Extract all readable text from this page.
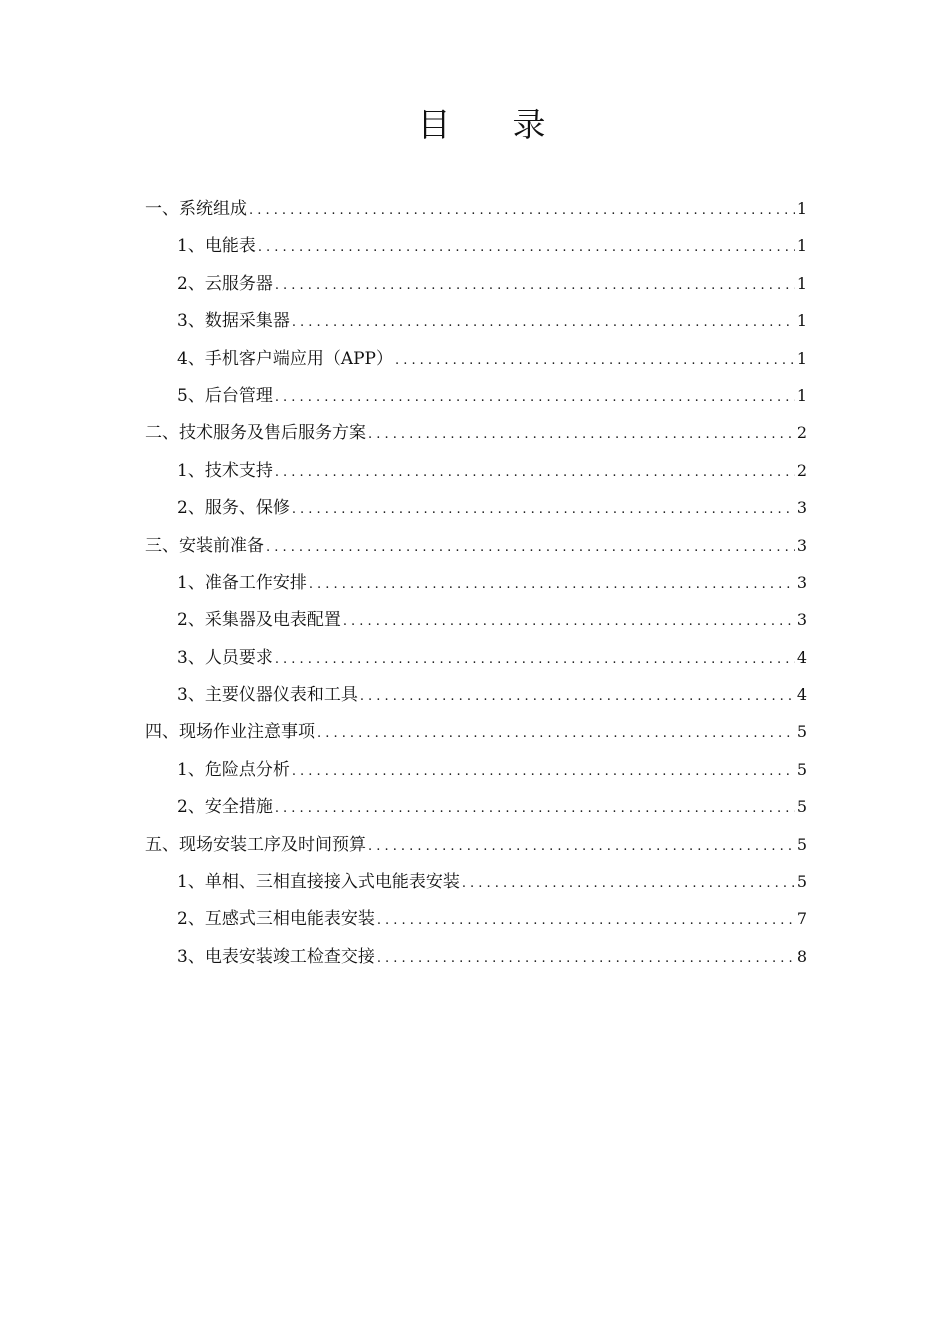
目录
一、系统组成 .....	1
1、电能表 .....	1
2、云服务器 .....	1
3、数据采集器 .....	1
4、手机客户端应用（APP） .....	1
5、后台管理 .....	1
二、技术服务及售后服务方案 .....	2
1、技术支持 .....	2
2、服务、保修 .....	3
三、安装前准备 .....	3
1、准备工作安排 .....	3
2、采集器及电表配置 .....	3
3、人员要求 .....	4
3、主要仪器仪表和工具 .....	4
四、现场作业注意事项 .....	5
1、危险点分析 .....	5
2、安全措施 .....	5
五、现场安装工序及时间预算 .....	5
1、单相、三相直接接入式电能表安装 .....	5
2、互感式三相电能表安装 .....	7
3、电表安装竣工检查交接 .....	8
